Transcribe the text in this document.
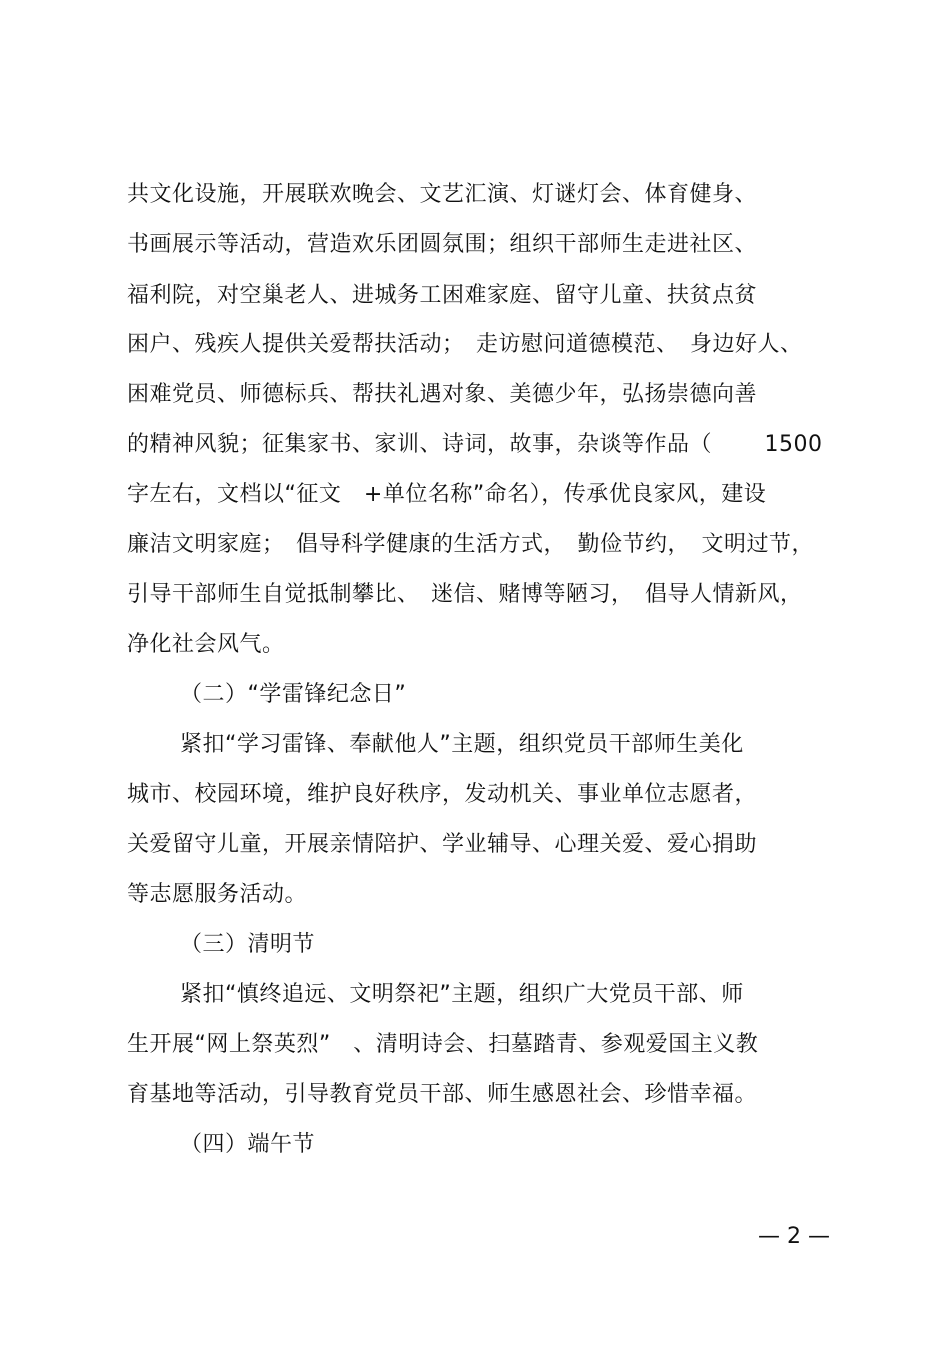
共文化设施，开展联欢晚会、文艺汇演、灯谜灯会、体育健身、
书画展示等活动，营造欢乐团圆氛围；组织干部师生走进社区、
福利院，对空巢老人、进城务工困难家庭、留守儿童、扶贫点贫
困户、残疾人提供关爱帮扶活动；　走访慰问道德模范、　身边好人、
困难党员、师德标兵、帮扶礼遇对象、美德少年，弘扬崇德向善
的精神风貌；征集家书、家训、诗词，故事，杂谈等作品（　　 1500
字左右，文档以“征文　+单位名称”命名），传承优良家风，建设
廉洁文明家庭；　倡导科学健康的生活方式，　勤俭节约，　文明过节，
引导干部师生自觉抵制攀比、　迷信、赌博等陋习，　倡导人情新风，
净化社会风气。
（二）“学雷锋纪念日”
紧扣“学习雷锋、奉献他人”主题，组织党员干部师生美化
城市、校园环境，维护良好秩序，发动机关、事业单位志愿者，
关爱留守儿童，开展亲情陪护、学业辅导、心理关爱、爱心捐助
等志愿服务活动。
（三）清明节
紧扣“慎终追远、文明祭祀”主题，组织广大党员干部、师
生开展“网上祭英烈”　、清明诗会、扫墓踏青、参观爱国主义教
育基地等活动，引导教育党员干部、师生感恩社会、珍惜幸福。
（四）端午节
— 2 —
